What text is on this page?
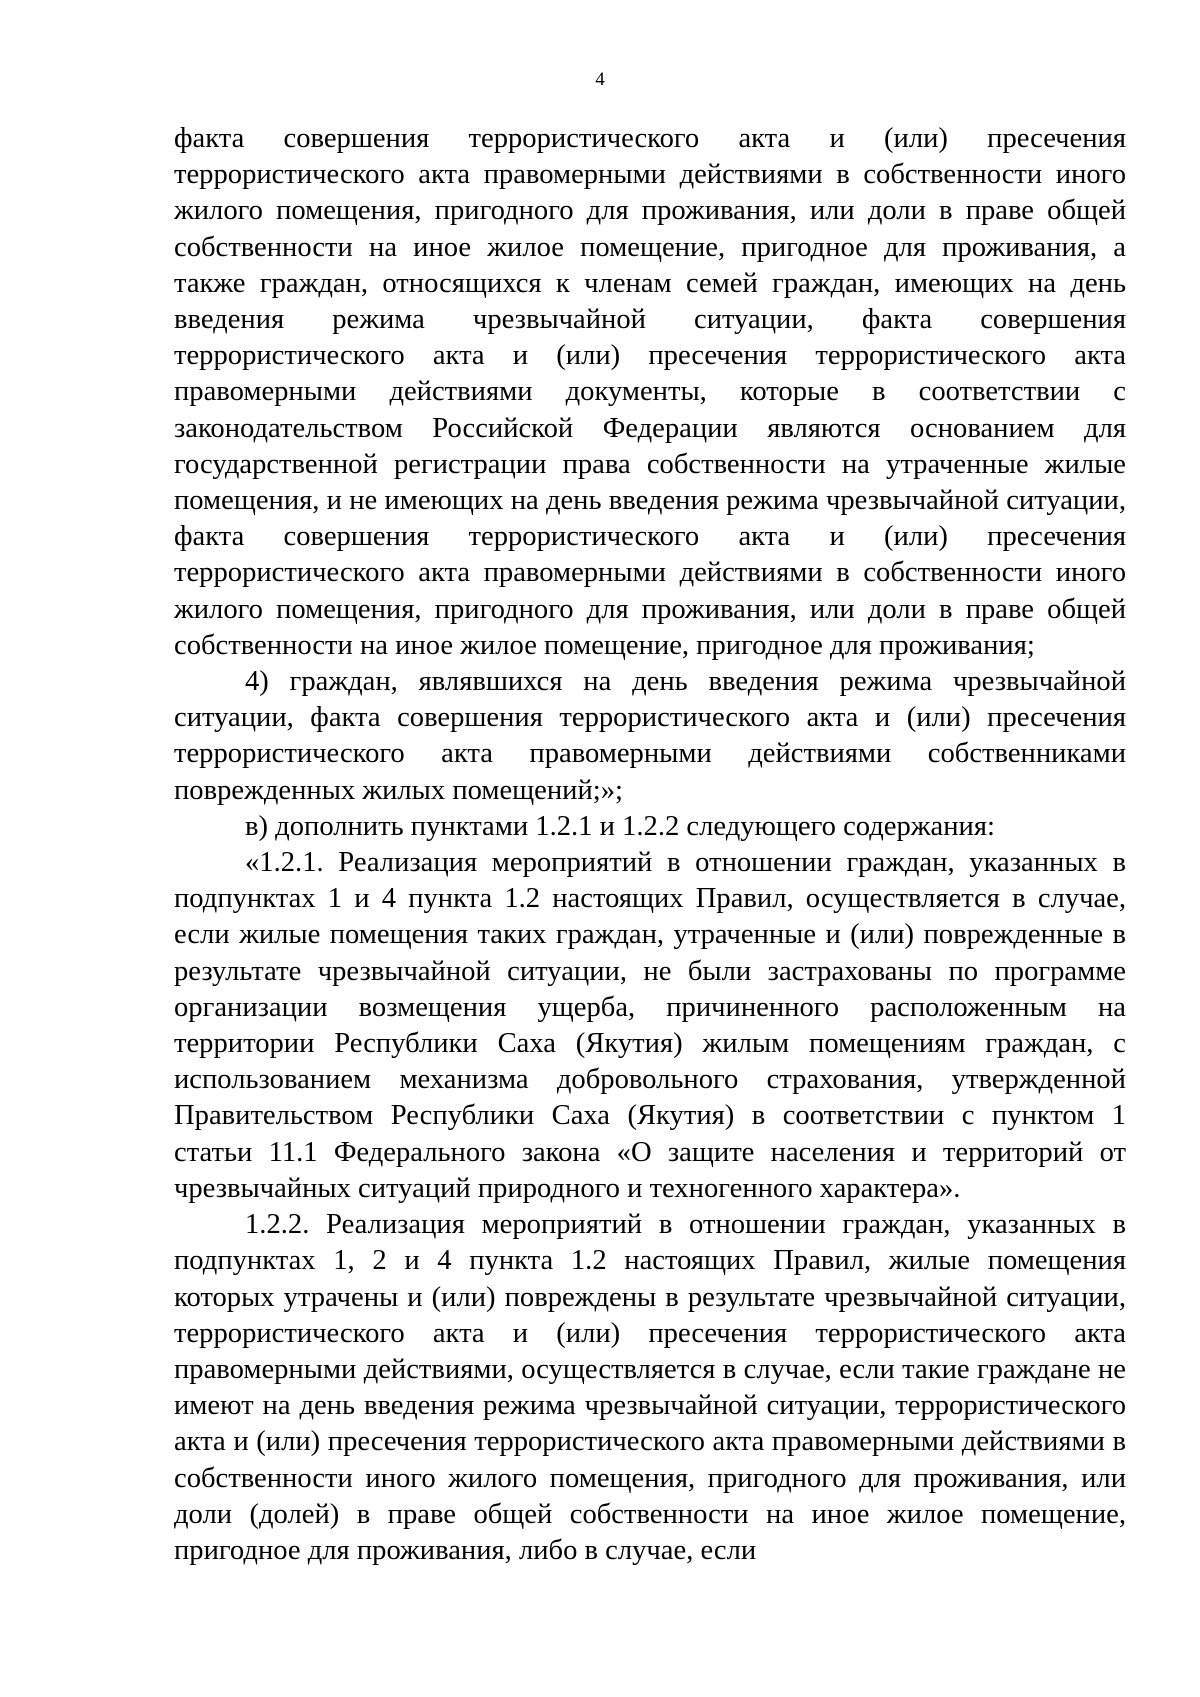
4

факта совершения террористического акта и (или) пресечения террористического акта правомерными действиями в собственности иного жилого помещения, пригодного для проживания, или доли в праве общей собственности на иное жилое помещение, пригодное для проживания, а также граждан, относящихся к членам семей граждан, имеющих на день введения режима чрезвычайной ситуации, факта совершения террористического акта и (или) пресечения террористического акта правомерными действиями документы, которые в соответствии с законодательством Российской Федерации являются основанием для государственной регистрации права собственности на утраченные жилые помещения, и не имеющих на день введения режима чрезвычайной ситуации, факта совершения террористического акта и (или) пресечения террористического акта правомерными действиями в собственности иного жилого помещения, пригодного для проживания, или доли в праве общей собственности на иное жилое помещение, пригодное для проживания;

4) граждан, являвшихся на день введения режима чрезвычайной ситуации, факта совершения террористического акта и (или) пресечения террористического акта правомерными действиями собственниками поврежденных жилых помещений;»;

в) дополнить пунктами 1.2.1 и 1.2.2 следующего содержания:

«1.2.1. Реализация мероприятий в отношении граждан, указанных в подпунктах 1 и 4 пункта 1.2 настоящих Правил, осуществляется в случае, если жилые помещения таких граждан, утраченные и (или) поврежденные в результате чрезвычайной ситуации, не были застрахованы по программе организации возмещения ущерба, причиненного расположенным на территории Республики Саха (Якутия) жилым помещениям граждан, с использованием механизма добровольного страхования, утвержденной Правительством Республики Саха (Якутия) в соответствии с пунктом 1 статьи 11.1 Федерального закона «О защите населения и территорий от чрезвычайных ситуаций природного и техногенного характера».

1.2.2. Реализация мероприятий в отношении граждан, указанных в подпунктах 1, 2 и 4 пункта 1.2 настоящих Правил, жилые помещения которых утрачены и (или) повреждены в результате чрезвычайной ситуации, террористического акта и (или) пресечения террористического акта правомерными действиями, осуществляется в случае, если такие граждане не имеют на день введения режима чрезвычайной ситуации, террористического акта и (или) пресечения террористического акта правомерными действиями в собственности иного жилого помещения, пригодного для проживания, или доли (долей) в праве общей собственности на иное жилое помещение, пригодное для проживания, либо в случае, если
